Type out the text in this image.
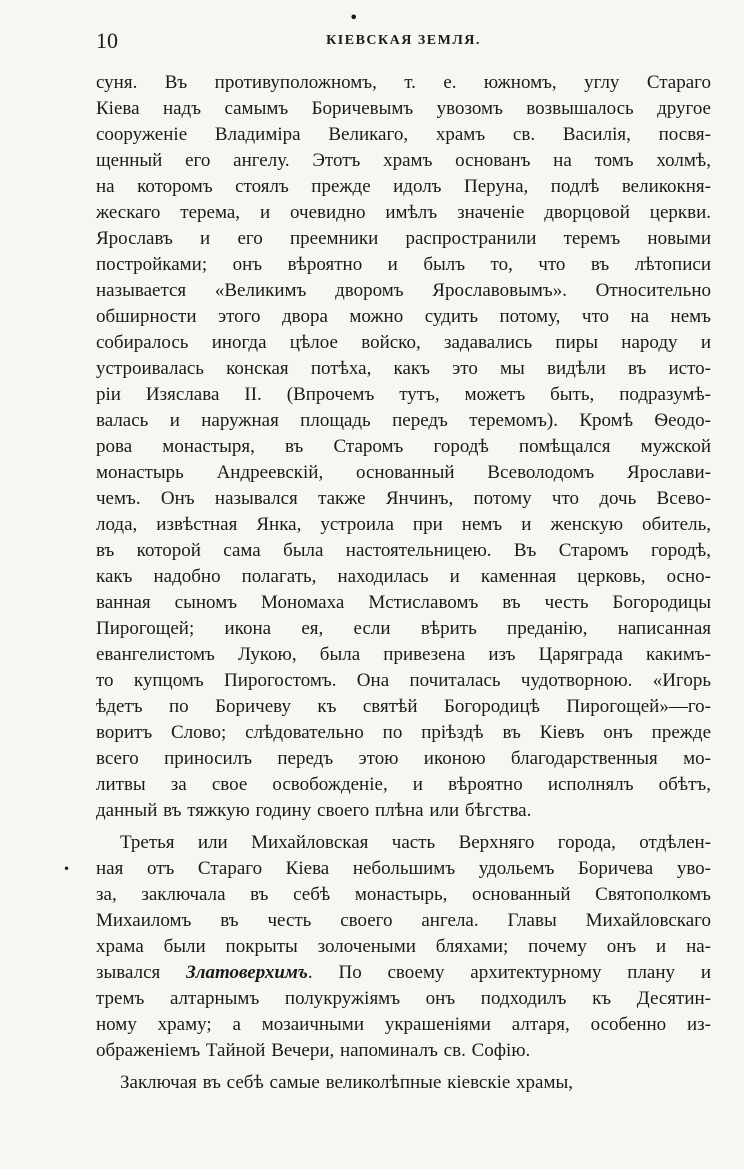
•
10	КІЕВСКАЯ ЗЕМЛЯ.
суня. Въ противуположномъ, т. е. южномъ, углу Стараго
Кіева надъ самымъ Боричевымъ увозомъ возвышалось другое
сооруженіе Владиміра Великаго, храмъ св. Василія, посвя-
щенный его ангелу. Этотъ храмъ основанъ на томъ холмѣ,
на которомъ стоялъ прежде идолъ Перуна, подлѣ великокня-
жескаго терема, и очевидно имѣлъ значеніе дворцовой церкви.
Ярославъ и его преемники распространили теремъ новыми
постройками; онъ вѣроятно и былъ то, что въ лѣтописи
называется «Великимъ дворомъ Ярославовымъ». Относительно
обширности этого двора можно судить потому, что на немъ
собиралось иногда цѣлое войско, задавались пиры народу и
устроивалась конская потѣха, какъ это мы видѣли въ исто-
ріи Изяслава II. (Впрочемъ тутъ, можетъ быть, подразумѣ-
валась и наружная площадь передъ теремомъ). Кромѣ Ѳеодо-
рова монастыря, въ Старомъ городѣ помѣщался мужской
монастырь Андреевскій, основанный Всеволодомъ Ярослави-
чемъ. Онъ назывался также Янчинъ, потому что дочь Всево-
лода, извѣстная Янка, устроила при немъ и женскую обитель,
въ которой сама была настоятельницею. Въ Старомъ городѣ,
какъ надобно полагать, находилась и каменная церковь, осно-
ванная сыномъ Мономаха Мстиславомъ въ честь Богородицы
Пирогощей; икона ея, если вѣрить преданію, написанная
евангелистомъ Лукою, была привезена изъ Царяграда какимъ-
то купцомъ Пирогостомъ. Она почиталась чудотворною. «Игорь
ѣдетъ по Боричеву къ святѣй Богородицѣ Пирогощей»—го-
воритъ Слово; слѣдовательно по пріѣздѣ въ Кіевъ онъ прежде
всего приносилъ передъ этою иконою благодарственныя мо-
литвы за свое освобожденіе, и вѣроятно исполнялъ обѣтъ,
данный въ тяжкую годину своего плѣна или бѣгства.
Третья или Михайловская часть Верхняго города, отдѣлен-
ная отъ Стараго Кіева небольшимъ удольемъ Боричева уво-
за, заключала въ себѣ монастырь, основанный Святополкомъ
Михаиломъ въ честь своего ангела. Главы Михайловскаго
храма были покрыты золочеными бляхами; почему онъ и на-
зывался Златоверхимъ. По своему архитектурному плану и
тремъ алтарнымъ полукружіямъ онъ подходилъ къ Десятин-
ному храму; а мозаичными украшеніями алтаря, особенно из-
ображеніемъ Тайной Вечери, напоминалъ св. Софію.
Заключая въ себѣ самые великолѣпные кіевскіе храмы,
•
